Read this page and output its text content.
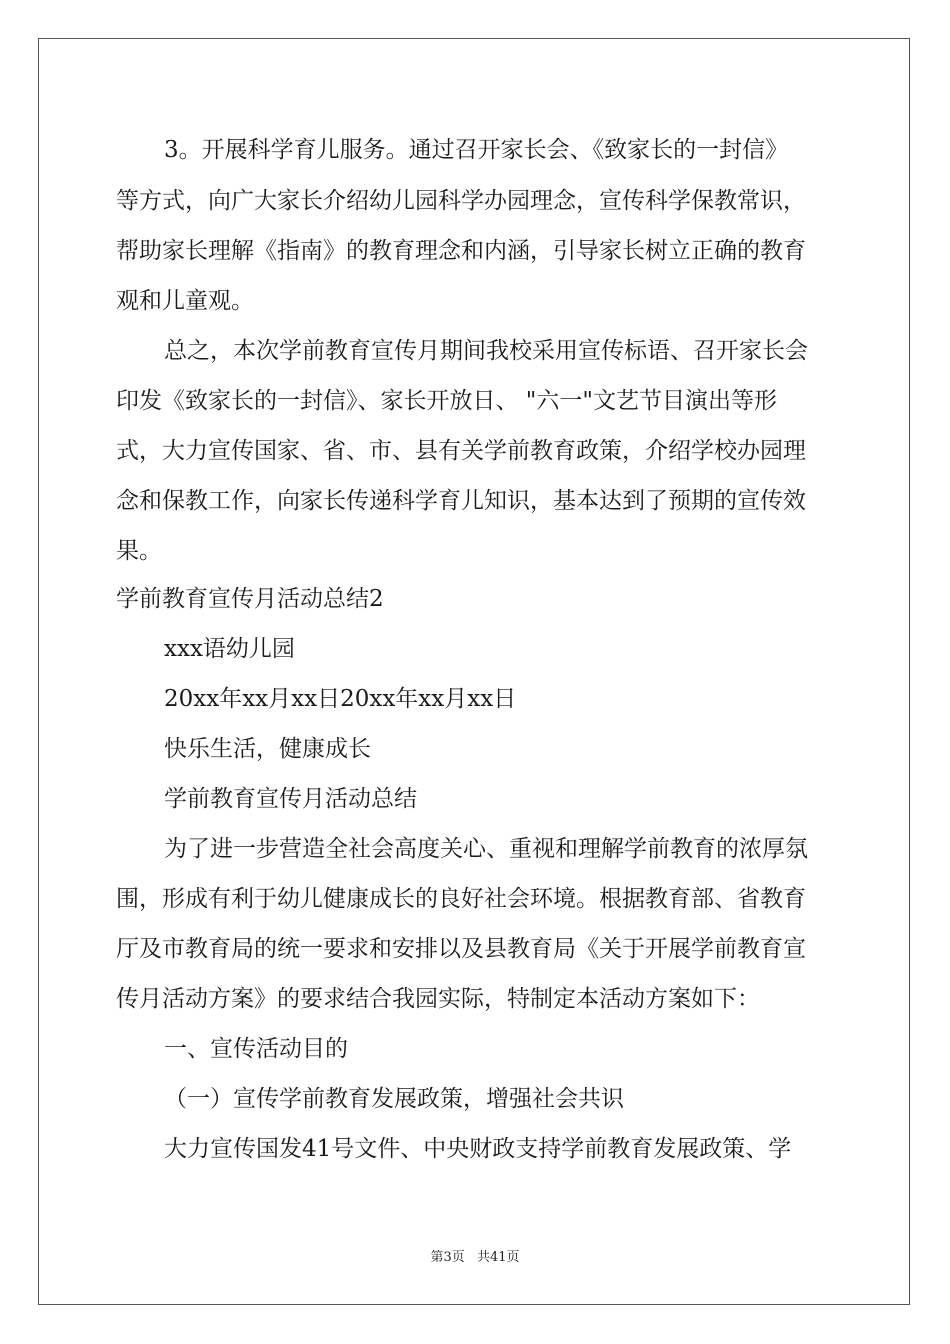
3。开展科学育儿服务。通过召开家长会、《致家长的一封信》
等方式，向广大家长介绍幼儿园科学办园理念，宣传科学保教常识，
帮助家长理解《指南》的教育理念和内涵，引导家长树立正确的教育
观和儿童观。
总之，本次学前教育宣传月期间我校采用宣传标语、召开家长会
印发《致家长的一封信》、家长开放日、 "六一"文艺节目演出等形
式，大力宣传国家、省、市、县有关学前教育政策，介绍学校办园理
念和保教工作，向家长传递科学育儿知识，基本达到了预期的宣传效
果。
学前教育宣传月活动总结2
xxx语幼儿园
20xx年xx月xx日20xx年xx月xx日
快乐生活，健康成长
学前教育宣传月活动总结
为了进一步营造全社会高度关心、重视和理解学前教育的浓厚氛
围，形成有利于幼儿健康成长的良好社会环境。根据教育部、省教育
厅及市教育局的统一要求和安排以及县教育局《关于开展学前教育宣
传月活动方案》的要求结合我园实际，特制定本活动方案如下：
一、宣传活动目的
（一）宣传学前教育发展政策，增强社会共识
大力宣传国发41号文件、中央财政支持学前教育发展政策、学
第3页 共41页
